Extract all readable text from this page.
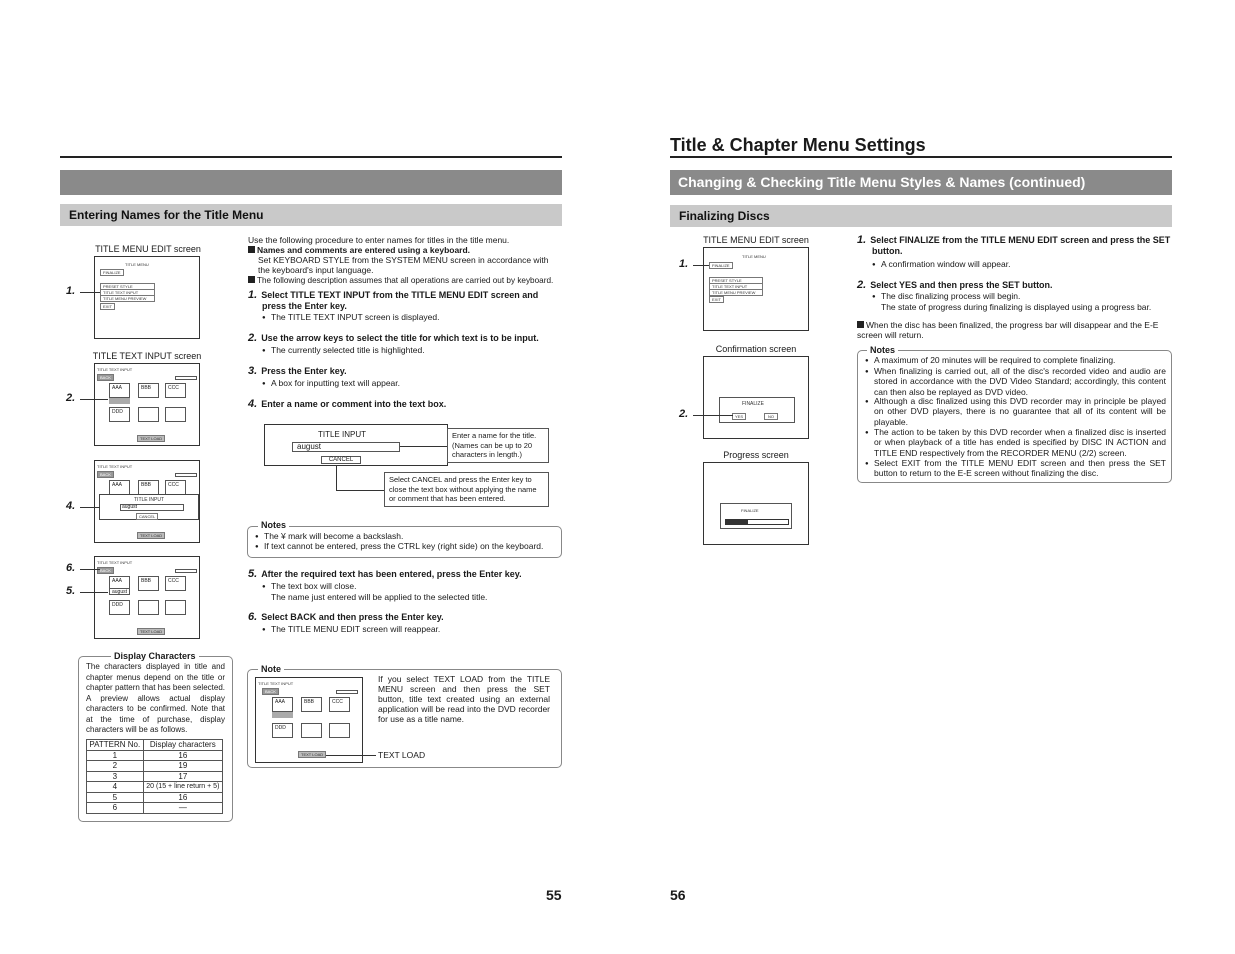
Entering Names for the Title Menu
TITLE MENU EDIT screen
TITLE MENU
FINALIZE
PRESET STYLE
TITLE TEXT INPUT
TITLE MENU PREVIEW
EXIT
1.
TITLE TEXT INPUT screen
TITLE TEXT INPUT
BACK
AAA	BBB	CCC
DDD
TEXT LOAD
2.
TITLE TEXT INPUT
BACK
AAA	BBB	CCC
TITLE INPUT
august
CANCEL
TEXT LOAD
4.
TITLE TEXT INPUT
BACK
AAA
august
BBB	CCC
DDD
TEXT LOAD
6.
5.
Display Characters
The characters displayed in title and chapter menus depend on the title or chapter pattern that has been selected. A preview allows actual display characters to be confirmed. Note that at the time of purchase, display characters will be as follows.
PATTERN No.	Display characters
1	16
2	19
3	17
4	20 (15 + line return + 5)
5	16
6	—
Use the following procedure to enter names for titles in the title menu.
Names and comments are entered using a keyboard.
Set KEYBOARD STYLE from the SYSTEM MENU screen in accordance with the keyboard's input language.
The following description assumes that all operations are carried out by keyboard.
1. Select TITLE TEXT INPUT from the TITLE MENU EDIT screen and press the Enter key.
● The TITLE TEXT INPUT screen is displayed.
2. Use the arrow keys to select the title for which text is to be input.
● The currently selected title is highlighted.
3. Press the Enter key.
● A box for inputting text will appear.
4. Enter a name or comment into the text box.
TITLE INPUT
august
CANCEL
Enter a name for the title. (Names can be up to 20 characters in length.)
Select CANCEL and press the Enter key to close the text box without applying the name or comment that has been entered.
Notes
● The ¥ mark will become a backslash.
● If text cannot be entered, press the CTRL key (right side) on the keyboard.
5. After the required text has been entered, press the Enter key.
● The text box will close.
The name just entered will be applied to the selected title.
6. Select BACK and then press the Enter key.
● The TITLE MENU EDIT screen will reappear.
Note
TITLE TEXT INPUT
BACK
AAA	BBB	CCC
DDD
TEXT LOAD	TEXT LOAD
If you select TEXT LOAD from the TITLE MENU screen and then press the SET button, title text created using an external application will be read into the DVD recorder for use as a title name.
55
Title & Chapter Menu Settings
Changing & Checking Title Menu Styles & Names (continued)
Finalizing Discs
TITLE MENU EDIT screen
TITLE MENU
FINALIZE
PRESET STYLE
TITLE TEXT INPUT
TITLE MENU PREVIEW
EXIT
1.
Confirmation screen
FINALIZE
YES	NO
2.
Progress screen
FINALIZE
1. Select FINALIZE from the TITLE MENU EDIT screen and press the SET button.
● A confirmation window will appear.
2. Select YES and then press the SET button.
● The disc finalizing process will begin.
The state of progress during finalizing is displayed using a progress bar.
When the disc has been finalized, the progress bar will disappear and the E-E screen will return.
Notes
● A maximum of 20 minutes will be required to complete finalizing.
● When finalizing is carried out, all of the disc's recorded video and audio are stored in accordance with the DVD Video Standard; accordingly, this content can then also be replayed as DVD video.
● Although a disc finalized using this DVD recorder may in principle be played on other DVD players, there is no guarantee that all of its content will be playable.
● The action to be taken by this DVD recorder when a finalized disc is inserted or when playback of a title has ended is specified by DISC IN ACTION and TITLE END respectively from the RECORDER MENU (2/2) screen.
● Select EXIT from the TITLE MENU EDIT screen and then press the SET button to return to the E-E screen without finalizing the disc.
56
